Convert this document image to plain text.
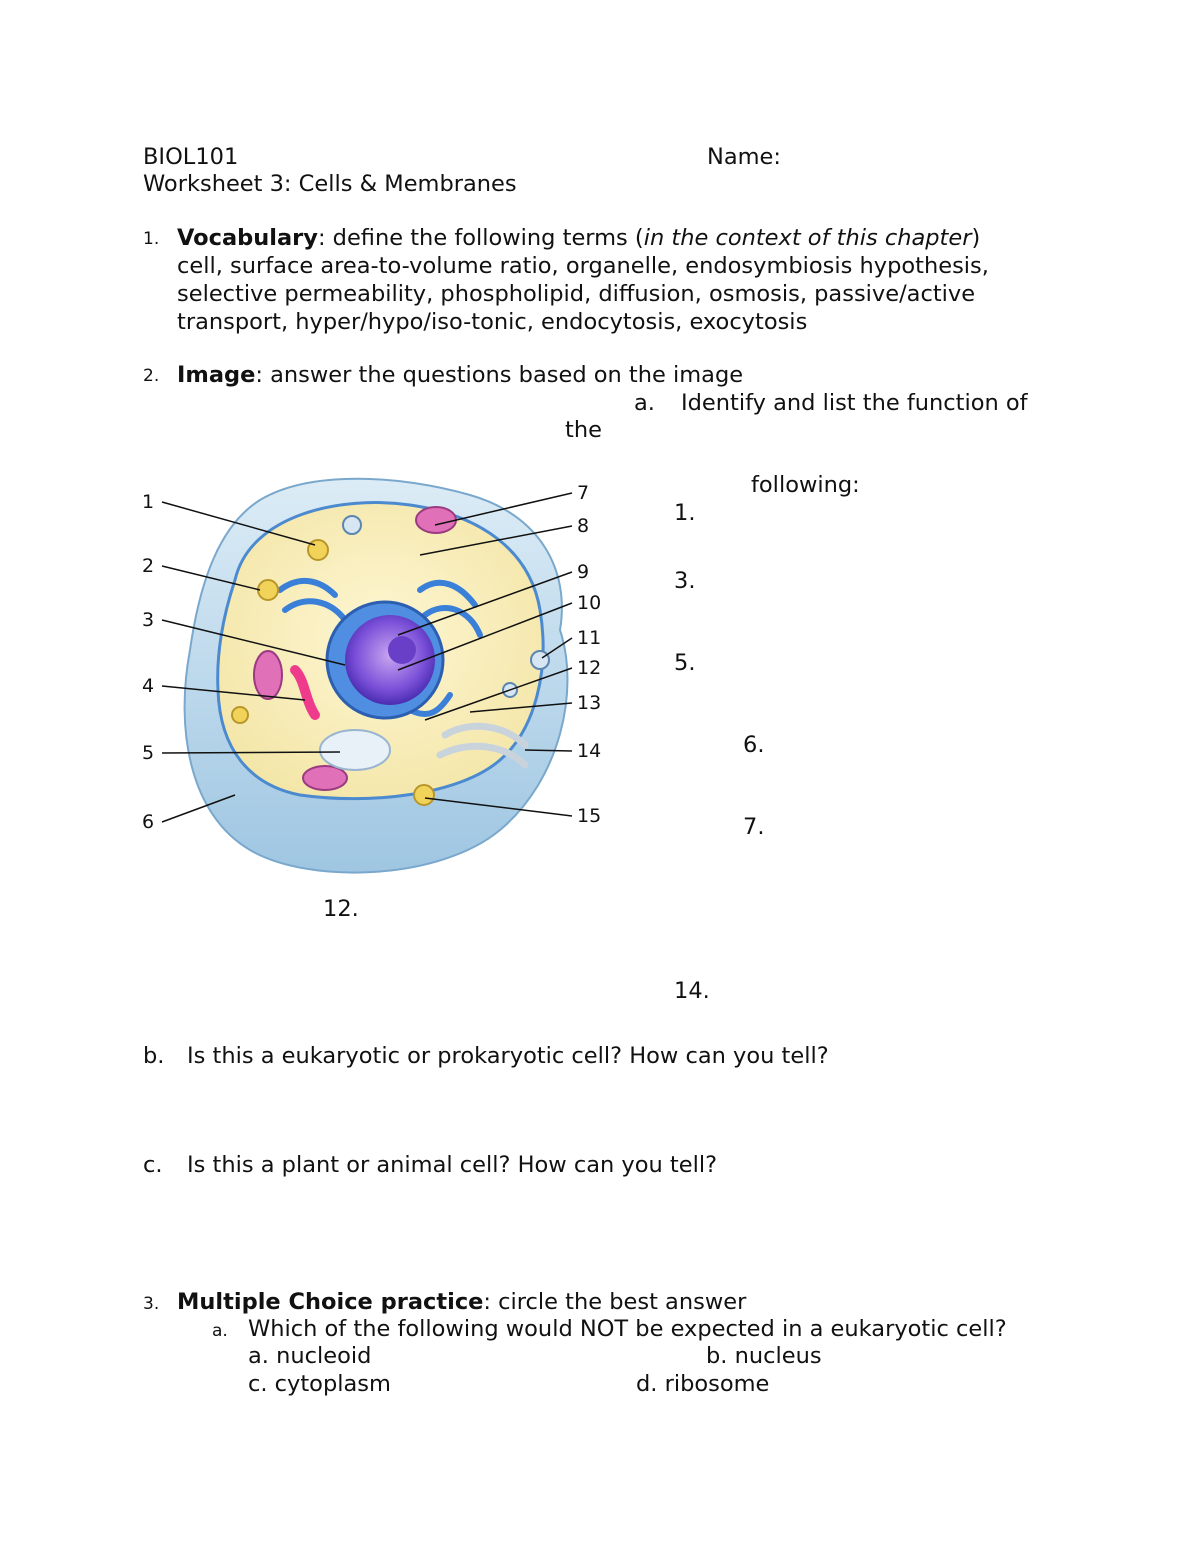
BIOL101	Name:
Worksheet 3: Cells & Membranes
1. Vocabulary: define the following terms (in the context of this chapter)
cell, surface area-to-volume ratio, organelle, endosymbiosis hypothesis,
selective permeability, phospholipid, diffusion, osmosis, passive/active
transport, hyper/hypo/iso-tonic, endocytosis, exocytosis
2. Image: answer the questions based on the image
a. Identify and list the function of
the
following:
1.
3.
5.
6.
7.
12.
14.
1
2
3
4
5
6
7
8
9
10
11
12
13
14
15
b. Is this a eukaryotic or prokaryotic cell? How can you tell?
c. Is this a plant or animal cell? How can you tell?
3. Multiple Choice practice: circle the best answer
a. Which of the following would NOT be expected in a eukaryotic cell?
a. nucleoid	b. nucleus
c. cytoplasm	d. ribosome
